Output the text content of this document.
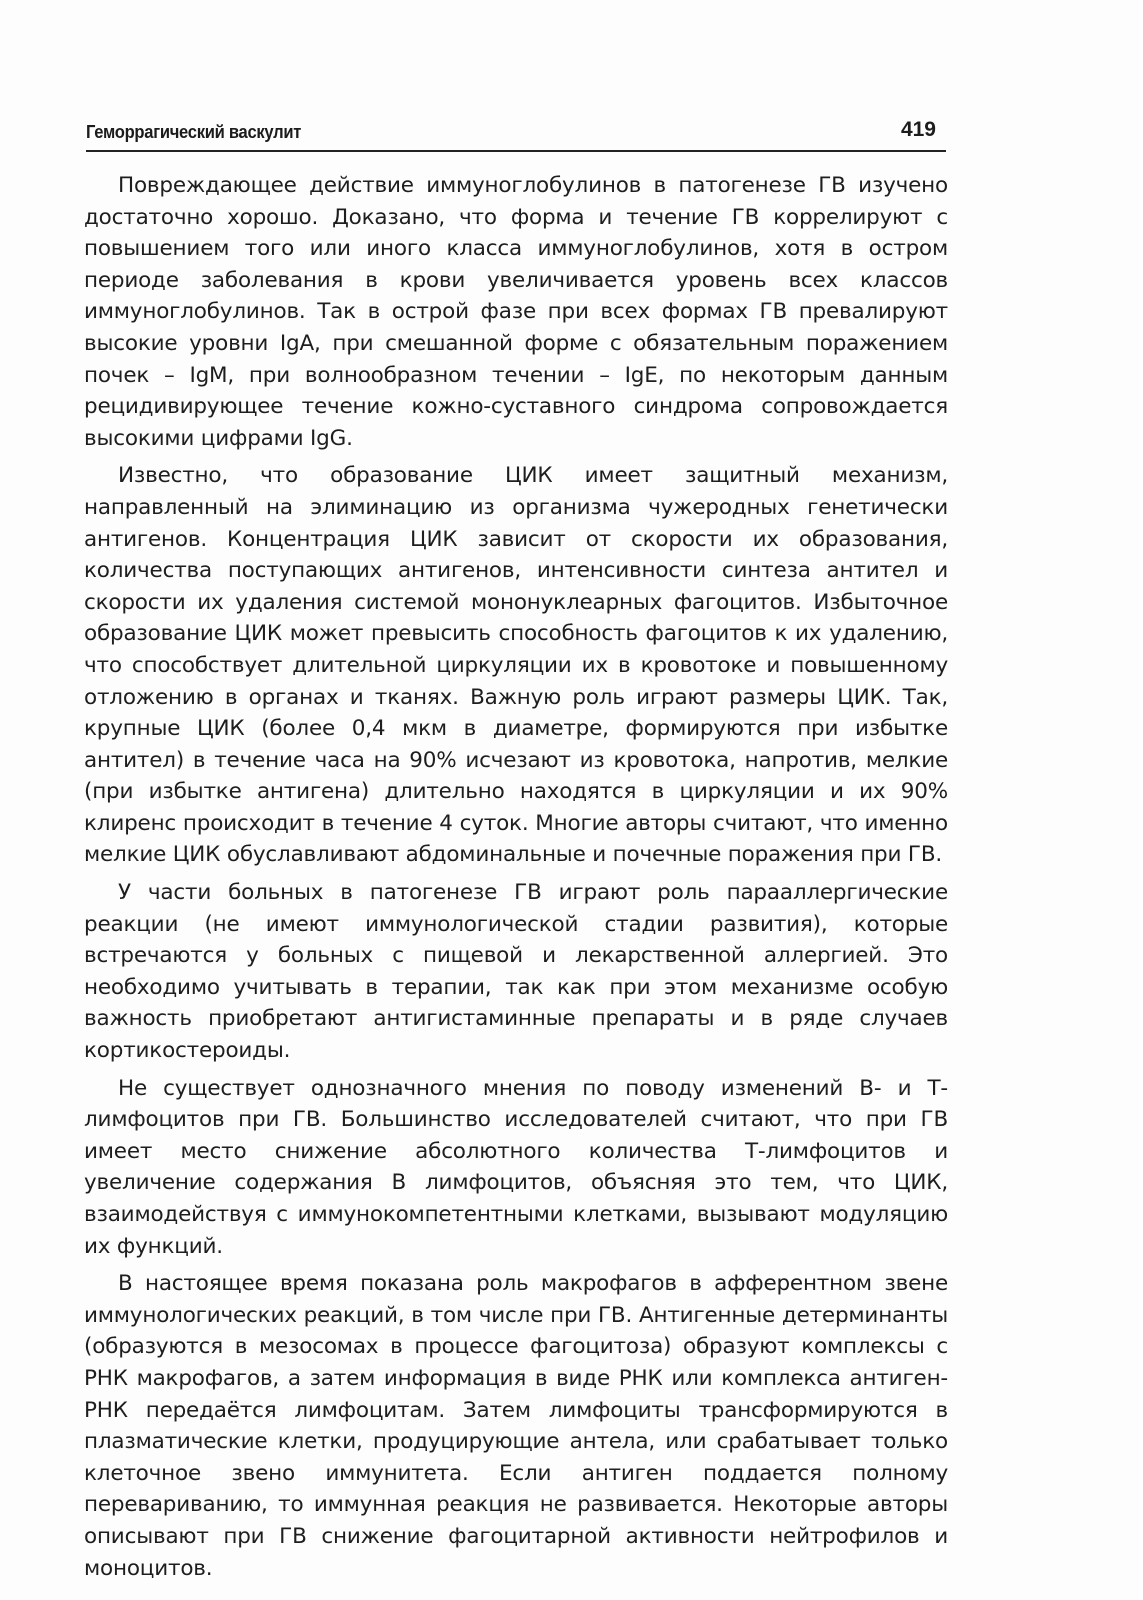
Геморрагический васкулит	419

Повреждающее действие иммуноглобулинов в патогенезе ГВ изучено достаточно хорошо. Доказано, что форма и течение ГВ коррелируют с повышением того или иного класса иммуноглобулинов, хотя в остром периоде заболевания в крови увеличивается уровень всех классов иммуноглобулинов. Так в острой фазе при всех формах ГВ превалируют высокие уровни IgA, при смешанной форме с обязательным поражением почек – IgM, при волнообразном течении – IgE, по некоторым данным рецидивирующее течение кожно-суставного синдрома сопровождается высокими цифрами IgG.

Известно, что образование ЦИК имеет защитный механизм, направленный на элиминацию из организма чужеродных генетически антигенов. Концентрация ЦИК зависит от скорости их образования, количества поступающих антигенов, интенсивности синтеза антител и скорости их удаления системой мононуклеарных фагоцитов. Избыточное образование ЦИК может превысить способность фагоцитов к их удалению, что способствует длительной циркуляции их в кровотоке и повышенному отложению в органах и тканях. Важную роль играют размеры ЦИК. Так, крупные ЦИК (более 0,4 мкм в диаметре, формируются при избытке антител) в течение часа на 90% исчезают из кровотока, напротив, мелкие (при избытке антигена) длительно находятся в циркуляции и их 90% клиренс происходит в течение 4 суток. Многие авторы считают, что именно мелкие ЦИК обуславливают абдоминальные и почечные поражения при ГВ.

У части больных в патогенезе ГВ играют роль парааллергические реакции (не имеют иммунологической стадии развития), которые встречаются у больных с пищевой и лекарственной аллергией. Это необходимо учитывать в терапии, так как при этом механизме особую важность приобретают антигистаминные препараты и в ряде случаев кортикостероиды.

Не существует однозначного мнения по поводу изменений В- и Т-лимфоцитов при ГВ. Большинство исследователей считают, что при ГВ имеет место снижение абсолютного количества Т-лимфоцитов и увеличение содержания В лимфоцитов, объясняя это тем, что ЦИК, взаимодействуя с иммунокомпетентными клетками, вызывают модуляцию их функций.

В настоящее время показана роль макрофагов в афферентном звене иммунологических реакций, в том числе при ГВ. Антигенные детерминанты (образуются в мезосомах в процессе фагоцитоза) образуют комплексы с РНК макрофагов, а затем информация в виде РНК или комплекса антиген-РНК передаётся лимфоцитам. Затем лимфоциты трансформируются в плазматические клетки, продуцирующие антела, или срабатывает только клеточное звено иммунитета. Если антиген поддается полному перевариванию, то иммунная реакция не развивается. Некоторые авторы описывают при ГВ снижение фагоцитарной активности нейтрофилов и моноцитов.
